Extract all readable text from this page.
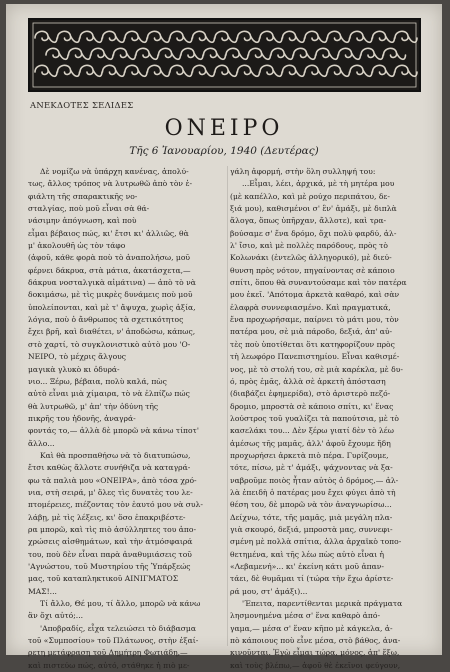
ΑΝΕΚΔΟΤΕΣ ΣΕΛΙΔΕΣ
ΟΝΕΙΡΟ
Τῆς 6 Ἰανουαρίου, 1940 (Δευτέρας)
Δὲ νομίζω νὰ ὑπάρχη κανένας, ἀπολύ-
τως, ἄλλος τρόπος νὰ λυτρωθῶ ἀπὸ τὸν ἐ-
φιάλτη τῆς σπαρακτικῆς νο-
σταλγίας, ποὺ μοῦ εἶναι σὰ θά-
νάσιμην ἀπόγνωση, καὶ ποὺ
εἶμαι βέβαιος πώς, κι' ἔτσι κι' ἀλλιῶς, θὰ
μ' ἀκολουθῆ ὡς τὸν τάφο
(ἀφοῦ, κάθε φορὰ ποὺ τὸ ἀναπολήσω, μοῦ
φέρνει δάκρυα, στὰ μάτια, ἀκατάσχετα,—
δάκρυα νοσταλγικὰ αἰμάτινα) — ἀπὸ τὸ νὰ
δοκιμάσω, μὲ τὶς μικρὲς δυνάμεις ποὺ μοῦ
ὑπολείπονται, καὶ μὲ τ' ἄψυχα, χωρὶς ἀξία,
λόγια, ποὺ ὁ ἄνθρωπος τὰ σχετικότητος
ἔχει βρῆ, καὶ διαθέτει, ν' ἀποδώσω, κάπως,
στὸ χαρτί, τὸ συγκλονιστικὸ αὐτὸ μου 'Ο-
ΝΕΙΡΟ, τὸ μέχρις ἄλγους
μαγικὰ γλυκὸ κι ὀδυρά-
νιο... Ξέρω, βέβαια, πολὺ καλά, πὼς
αὐτὸ εἶναι μιὰ χίμαιρα, τὸ νὰ ἐλπίζω πώς
θὰ λυτρωθῶ, μ' ἀπ' τὴν ὀδύνη τῆς
πικρῆς του ἡδονῆς, ἀναγρά-
φοντάς το,— ἀλλὰ δὲ μπορῶ νὰ κάνω τίποτ'
ἄλλο...
Καὶ θὰ προσπαθήσω νὰ τὸ διατυπώσω,
ἔτσι καθὼς ἄλλοτε συνήθιζα νὰ καταγρά-
φω τὰ παλιὰ μου «ΟΝΕΙΡΑ», ἀπὸ τόσα χρό-
νια, στὴ σειρά, μ' ὅλες τὶς δυνατὲς του λε-
πτομέρειες, πιέζοντας τὸν ἑαυτό μου νὰ συλ-
λάβῃ, μὲ τὶς λέξεις, κι' ὅσο ἐπακριβέστε-
ρα μπορῶ, καὶ τὶς πιὸ ἀσύλληπτες του ἀπο-
χρώσεις αἰσθημάτων, καὶ τὴν ἀτμόσφαιρά
του, ποὺ δὲν εἶναι παρὰ ἀναθυμιάσεις τοῦ
'Αγνώστου, τοῦ Μυστηρίου τῆς Ὑπάρξεώς
μας, τοῦ καταπληκτικοῦ ΑΙΝΙΓΜΑΤΟΣ
ΜΑΣ!...
Τί ἄλλο, Θέ μου, τί ἄλλο, μπορῶ νὰ κάνω
ἂν ὄχι αὐτό;...
'Αποβραδίς, εἶχα τελειώσει τὸ διάβασμα
τοῦ «Συμποσίου» τοῦ Πλάτωνος, στὴν ἐξαί-
ρετη μετάφραση τοῦ Δημήτρη Φωτιάδη,—
καὶ πιστεύω πώς, αὐτό, στάθηκε ἡ πιὸ με-
γάλη ἀφορμή, στὴν ὅλη συλληψή του:
...Εἶμαι, λέει, ἀρχικά, μὲ τὴ μητέρα μου
(μὲ καπέλλο, καὶ μὲ ρούχο περιπάτου, δε-
ξιά μου), καθισμένοι σ' ἓν' ἀμάξι, μὲ διπλὰ
ἄλογα, ὅπως ὑπῆρχαν, ἄλλοτε), καὶ τρα-
βούσαμε σ' ἕνα δρόμο, ὄχι πολὺ φαρδύ, ἀλ-
λ' ἴσιο, καὶ μὲ πολλὲς παρόδους, πρὸς τὸ
Κολωνάκι (ἐντελῶς ἀλληγορικό), μὲ διεύ-
θυνση πρὸς νότον, πηγαίνοντας σὲ κάποιο
σπίτι, ὅπου θὰ συναντούσαμε καὶ τὸν πατέρα
μου ἐκεῖ. 'Απότομα ἀρκετὰ καθαρό, καὶ σὰν
ἐλαφρὰ συννεφιασμένο. Καὶ πραγματικά,
ἕνα προχωρήσαμε, παίρνει τὸ μάτι μου, τὸν
πατέρα μου, σὲ μιὰ πάροδο, δεξιά, ἀπ' αὐ-
τὲς ποὺ ὑποτίθεται ὅτι κατηφορίζουν πρὸς
τὴ λεωφόρο Πανεπιστημίου. Εἶναι καθισμέ-
νος, μὲ τὸ στολή του, σὲ μιὰ καρέκλα, μὲ δυ-
ό, πρὸς ἐμᾶς, ἀλλὰ σὲ ἀρκετὴ ἀπόσταση
(διαβάζει ἐφημερίδα), στὸ ἀριστερὸ πεζό-
δρομιο, μπροστὰ σὲ κάποιο σπίτι, κι' ἕνας
λούστρος τοῦ γυαλίζει τὰ παπούτσια, μὲ τὸ
κασελάκι του... Δὲν ξέρω γιατί δὲν τὸ λέω
ἀμέσως τῆς μαμᾶς, ἀλλ' ἀφοῦ ἔχουμε ἤδη
προχωρήσει ἀρκετὰ πιὸ πέρα. Γυρίζουμε,
τότε, πίσω, μὲ τ' ἀμάξι, ψάχνοντας νὰ ξα-
ναβροῦμε ποιὸς ἦταν αὐτὸς ὁ δρόμος,— ἀλ-
λὰ ἐπειδὴ ὁ πατέρας μου ἔχει φύγει ἀπὸ τὴ
θέση του, δὲ μπορῶ νὰ τὸν ἀναγνωρίσω...
Δείχνω, τότε, τῆς μαμᾶς, μιὰ μεγάλη πλα-
γιὰ σκουρό, δεξιά, μπροστὰ μας, συννεφι-
σμένη μὲ πολλὰ σπίτια, ἀλλα ἀρχαϊκὸ τοπο-
θετημένα, καὶ τῆς λέω πὼς αὐτὸ εἶναι ἡ
«Λεβαμενή»... κι' ἐκείνη κάτι μοῦ ἀπαν-
τάει, δὲ θυμᾶμαι τί (τώρα τὴν ἔχω ἀρίστε-
ρά μου, στ' ἀμάξι)...
'Έπειτα, παρεντίθενται μερικὰ πράγματα
λησμονημένα μέσα σ' ἕνα καθαρὸ ἀπό-
γαμα,— μέσα σ' ἕναν κῆπο μὲ κάγκελα, ἀ-
πὸ κάποιους ποὺ εἶνε μέσα, στὸ βάθος, ἀνα-
κινοῦνται. Ἐγὼ εἶμαι τώρα, μόνος, ἀπ' ἔξω,
καὶ τοὺς βλέπω,— ἀφοῦ θὲ ἐκεῖνοι φεύγουν,
